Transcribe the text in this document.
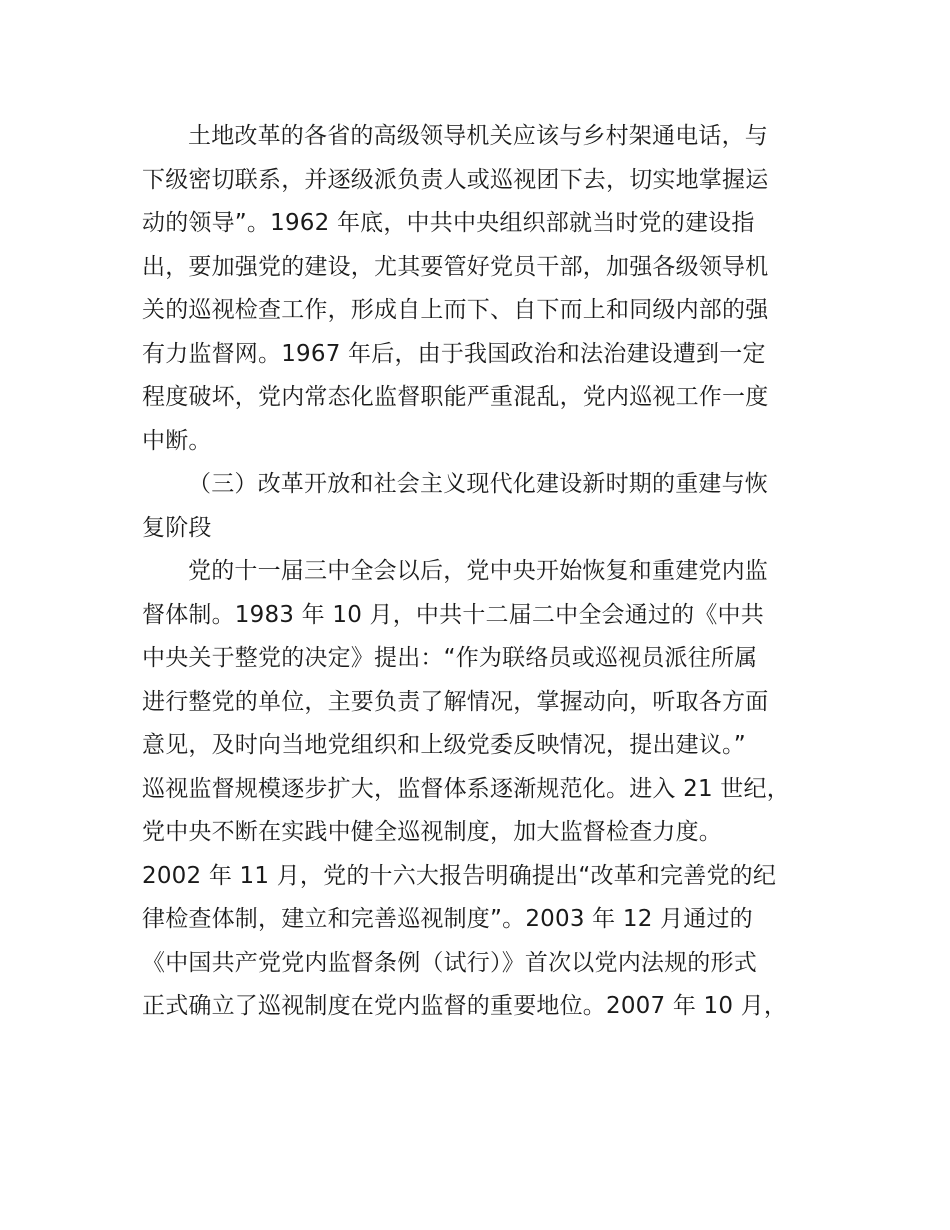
土地改革的各省的高级领导机关应该与乡村架通电话，与
下级密切联系，并逐级派负责人或巡视团下去，切实地掌握运
动的领导”。1962 年底，中共中央组织部就当时党的建设指
出，要加强党的建设，尤其要管好党员干部，加强各级领导机
关的巡视检查工作，形成自上而下、自下而上和同级内部的强
有力监督网。1967 年后，由于我国政治和法治建设遭到一定
程度破坏，党内常态化监督职能严重混乱，党内巡视工作一度
中断。

（三）改革开放和社会主义现代化建设新时期的重建与恢
复阶段

党的十一届三中全会以后，党中央开始恢复和重建党内监
督体制。1983 年 10 月，中共十二届二中全会通过的《中共
中央关于整党的决定》提出：“作为联络员或巡视员派往所属
进行整党的单位，主要负责了解情况，掌握动向，听取各方面
意见，及时向当地党组织和上级党委反映情况，提出建议。”
巡视监督规模逐步扩大，监督体系逐渐规范化。进入 21 世纪，
党中央不断在实践中健全巡视制度，加大监督检查力度。
2002 年 11 月，党的十六大报告明确提出“改革和完善党的纪
律检查体制，建立和完善巡视制度”。2003 年 12 月通过的
《中国共产党党内监督条例（试行）》首次以党内法规的形式
正式确立了巡视制度在党内监督的重要地位。2007 年 10 月，
